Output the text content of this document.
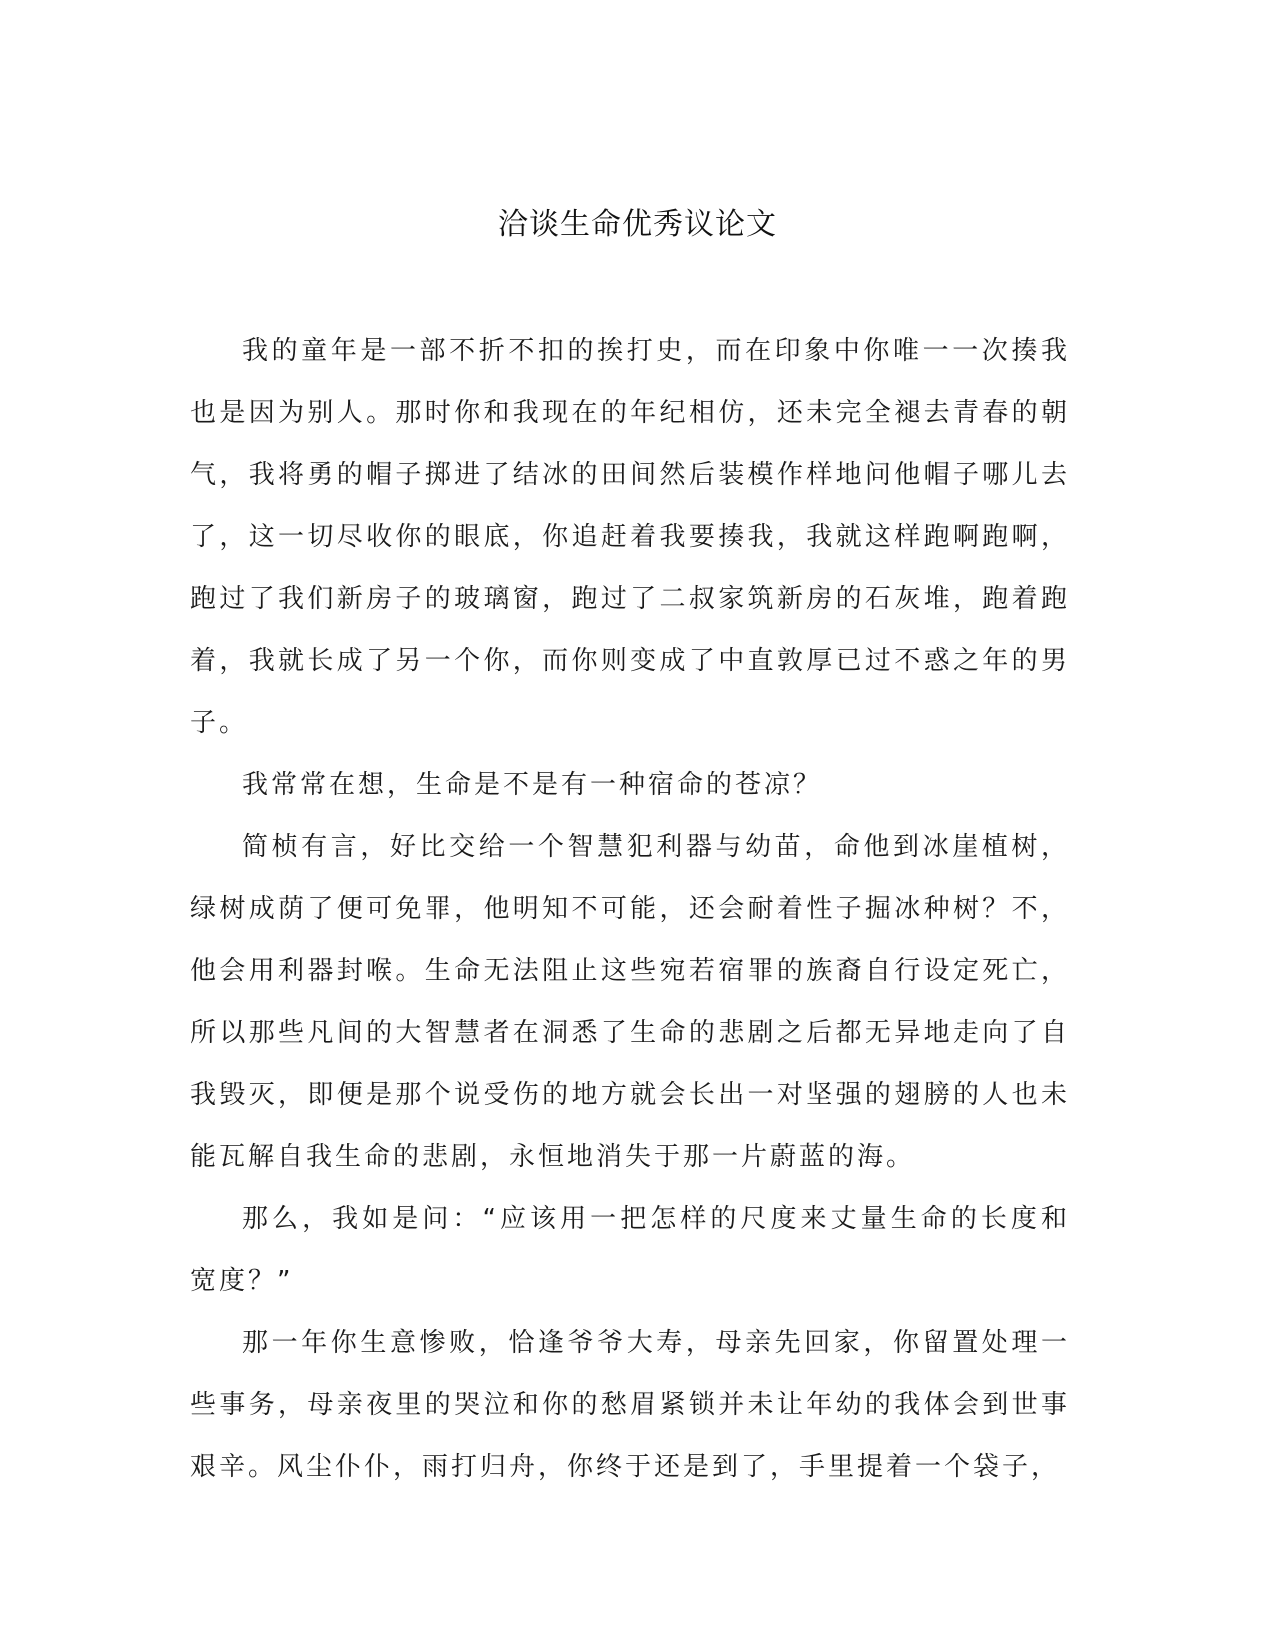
洽谈生命优秀议论文

我的童年是一部不折不扣的挨打史，而在印象中你唯一一次揍我也是因为别人。那时你和我现在的年纪相仿，还未完全褪去青春的朝气，我将勇的帽子掷进了结冰的田间然后装模作样地问他帽子哪儿去了，这一切尽收你的眼底，你追赶着我要揍我，我就这样跑啊跑啊，跑过了我们新房子的玻璃窗，跑过了二叔家筑新房的石灰堆，跑着跑着，我就长成了另一个你，而你则变成了中直敦厚已过不惑之年的男子。

我常常在想，生命是不是有一种宿命的苍凉？

简桢有言，好比交给一个智慧犯利器与幼苗，命他到冰崖植树，绿树成荫了便可免罪，他明知不可能，还会耐着性子掘冰种树？不，他会用利器封喉。生命无法阻止这些宛若宿罪的族裔自行设定死亡，所以那些凡间的大智慧者在洞悉了生命的悲剧之后都无异地走向了自我毁灭，即便是那个说受伤的地方就会长出一对坚强的翅膀的人也未能瓦解自我生命的悲剧，永恒地消失于那一片蔚蓝的海。

那么，我如是问：“应该用一把怎样的尺度来丈量生命的长度和宽度？”

那一年你生意惨败，恰逢爷爷大寿，母亲先回家，你留置处理一些事务，母亲夜里的哭泣和你的愁眉紧锁并未让年幼的我体会到世事艰辛。风尘仆仆，雨打归舟，你终于还是到了，手里提着一个袋子，
